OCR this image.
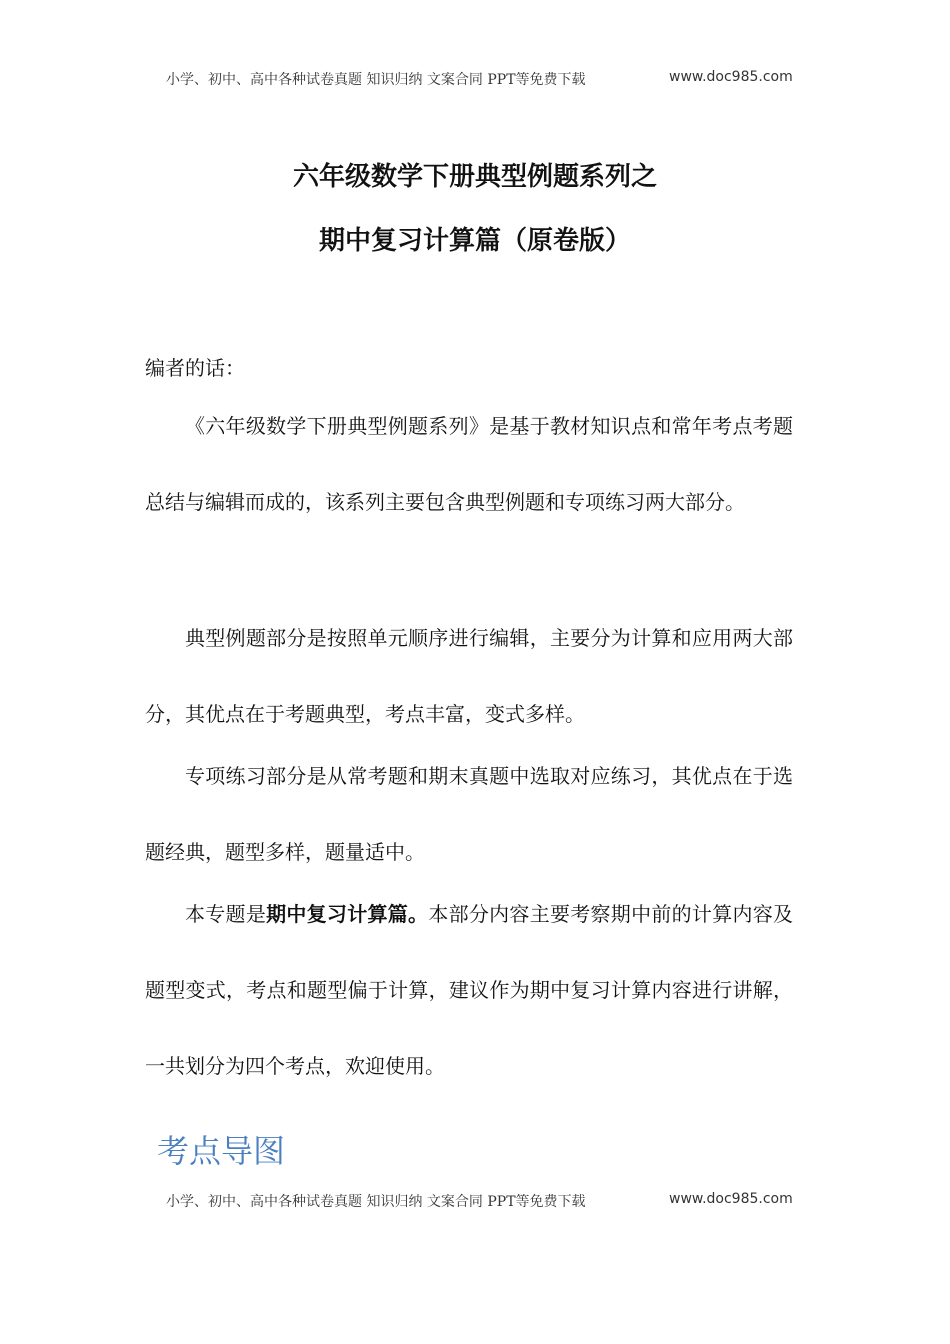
小学、初中、高中各种试卷真题 知识归纳 文案合同 PPT等免费下载	www.doc985.com
六年级数学下册典型例题系列之
期中复习计算篇（原卷版）
编者的话：

《六年级数学下册典型例题系列》是基于教材知识点和常年考点考题总结与编辑而成的，该系列主要包含典型例题和专项练习两大部分。

典型例题部分是按照单元顺序进行编辑，主要分为计算和应用两大部分，其优点在于考题典型，考点丰富，变式多样。

专项练习部分是从常考题和期末真题中选取对应练习，其优点在于选题经典，题型多样，题量适中。

本专题是期中复习计算篇。本部分内容主要考察期中前的计算内容及题型变式，考点和题型偏于计算，建议作为期中复习计算内容进行讲解，一共划分为四个考点，欢迎使用。

考点导图
小学、初中、高中各种试卷真题 知识归纳 文案合同 PPT等免费下载	www.doc985.com
